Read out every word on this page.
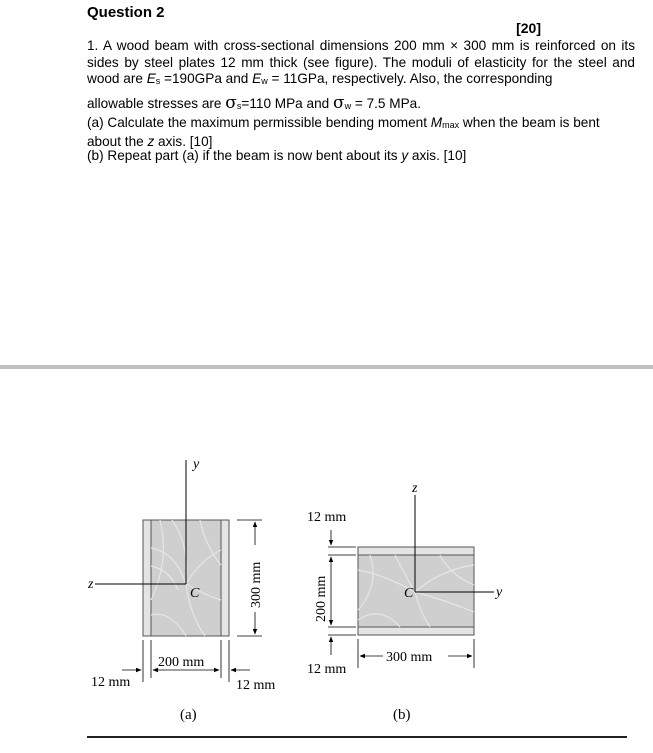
Question 2
[20]
1. A wood beam with cross-sectional dimensions 200 mm × 300 mm is reinforced on its sides by steel plates 12 mm thick (see figure). The moduli of elasticity for the steel and wood are Es =190GPa and Ew = 11GPa, respectively. Also, the corresponding
allowable stresses are σs=110 MPa and σw = 7.5 MPa.
(a) Calculate the maximum permissible bending moment Mmax when the beam is bent about the z axis. [10]
(b) Repeat part (a) if the beam is now bent about its y axis. [10]
y
z
C	300 mm
200 mm
12 mm	12 mm
(a)
z
y
C
12 mm
200 mm
12 mm
300 mm
(b)
